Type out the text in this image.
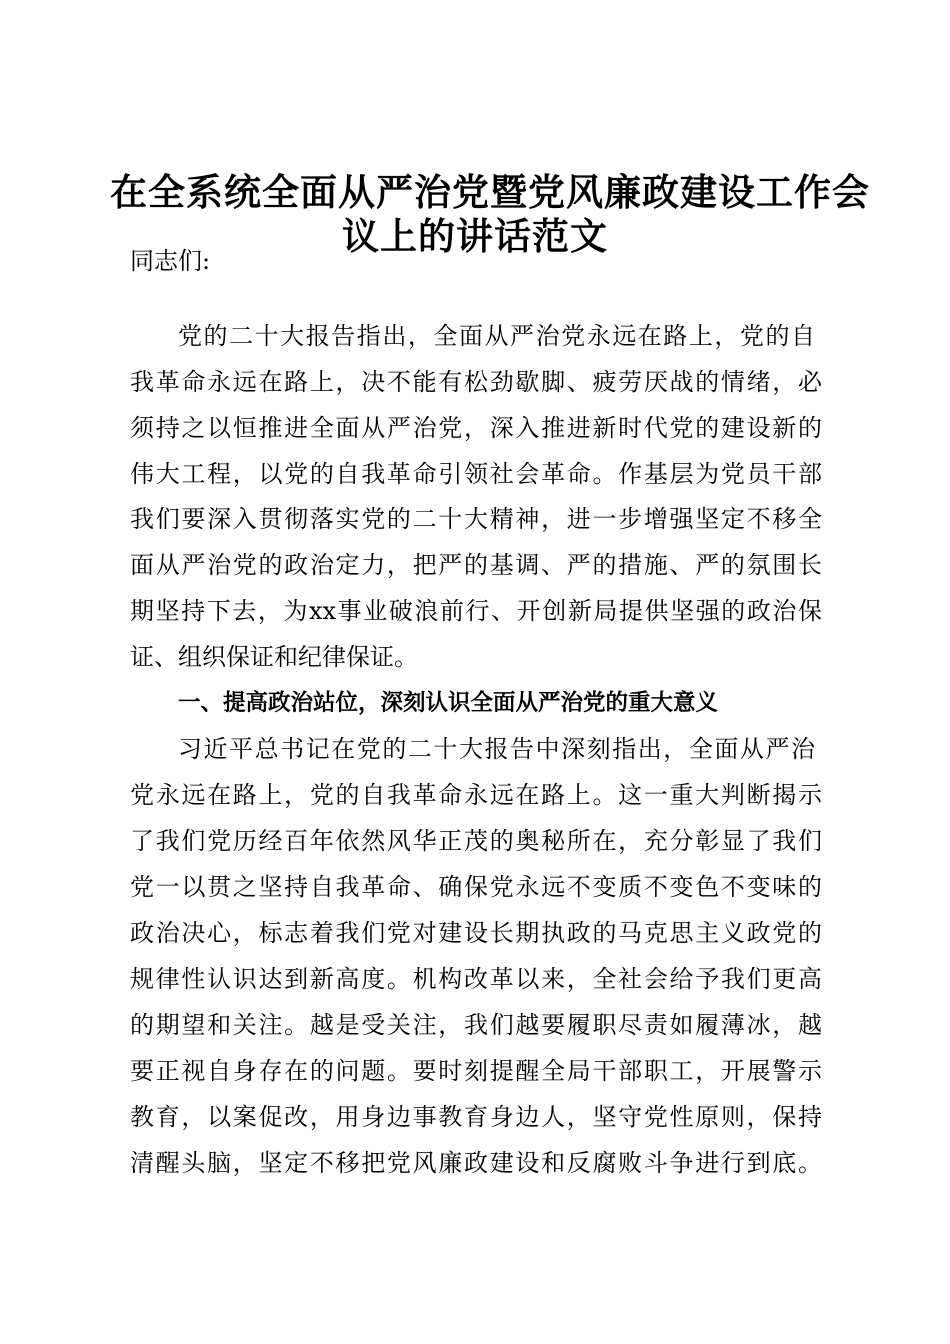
在全系统全面从严治党暨党风廉政建设工作会
议上的讲话范文
同志们:
党的二十大报告指出，全面从严治党永远在路上，党的自
我革命永远在路上，决不能有松劲歇脚、疲劳厌战的情绪，必
须持之以恒推进全面从严治党，深入推进新时代党的建设新的
伟大工程，以党的自我革命引领社会革命。作基层为党员干部
我们要深入贯彻落实党的二十大精神，进一步增强坚定不移全
面从严治党的政治定力，把严的基调、严的措施、严的氛围长
期坚持下去，为xx事业破浪前行、开创新局提供坚强的政治保
证、组织保证和纪律保证。
一、提高政治站位，深刻认识全面从严治党的重大意义
习近平总书记在党的二十大报告中深刻指出，全面从严治
党永远在路上，党的自我革命永远在路上。这一重大判断揭示
了我们党历经百年依然风华正茂的奥秘所在，充分彰显了我们
党一以贯之坚持自我革命、确保党永远不变质不变色不变味的
政治决心，标志着我们党对建设长期执政的马克思主义政党的
规律性认识达到新高度。机构改革以来，全社会给予我们更高
的期望和关注。越是受关注，我们越要履职尽责如履薄冰，越
要正视自身存在的问题。要时刻提醒全局干部职工，开展警示
教育，以案促改，用身边事教育身边人，坚守党性原则，保持
清醒头脑，坚定不移把党风廉政建设和反腐败斗争进行到底。
